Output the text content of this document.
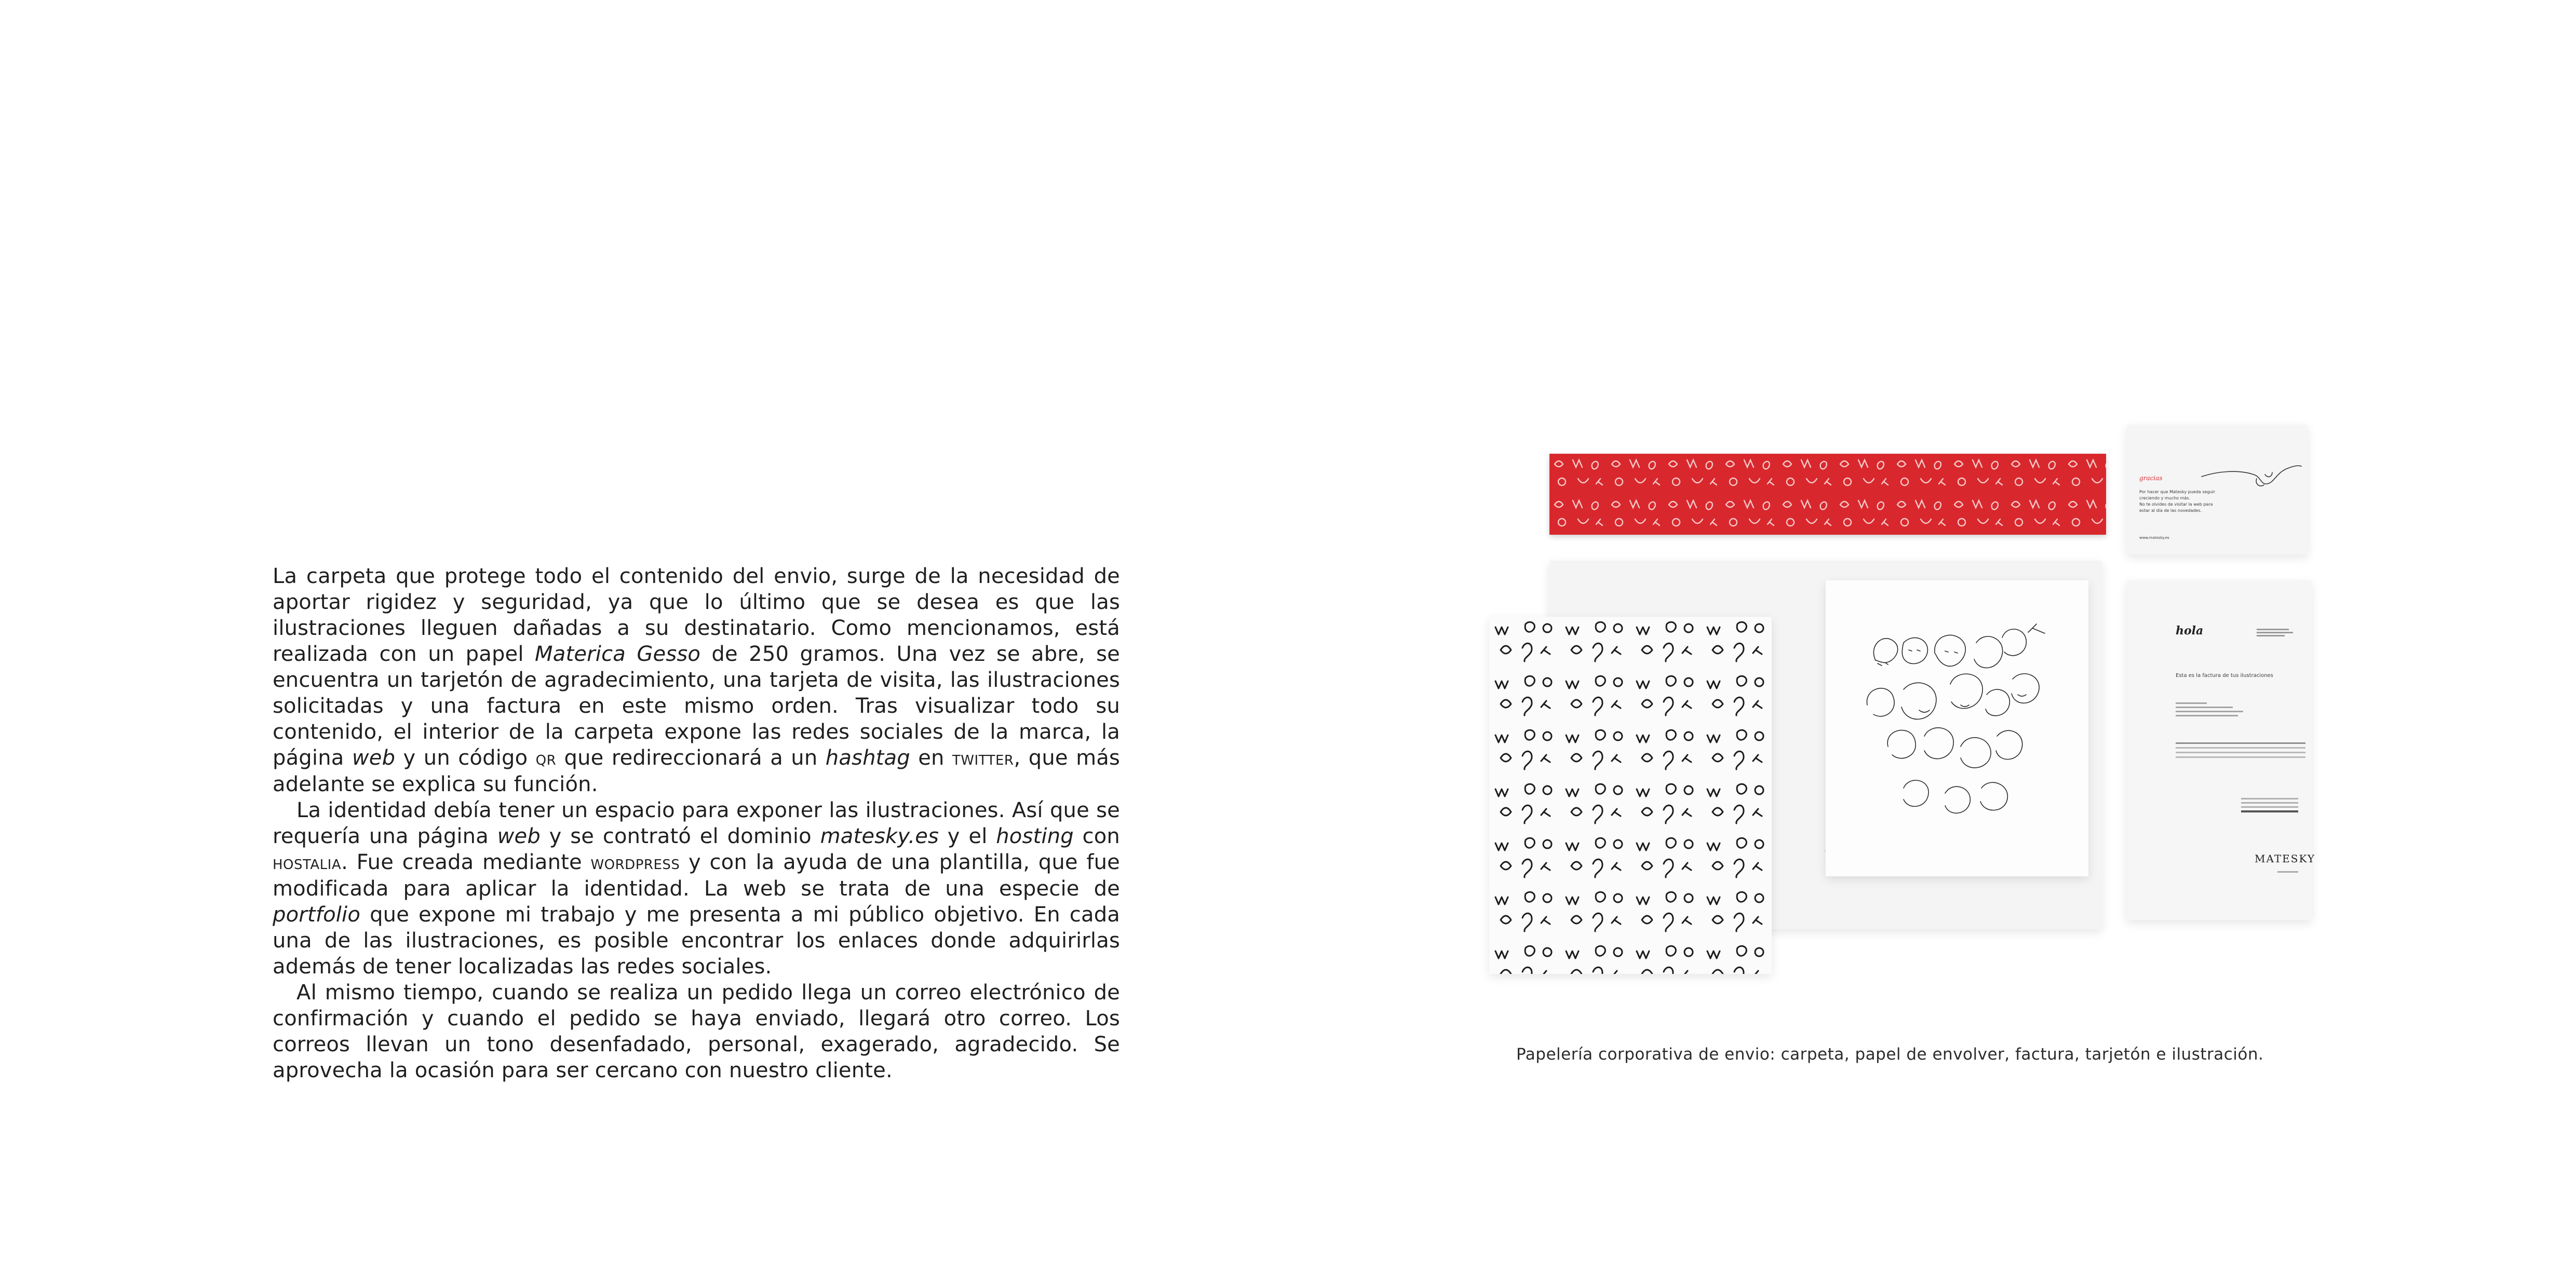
La carpeta que protege todo el contenido del envio, surge de la necesidad de aportar rigidez y seguridad, ya que lo último que se desea es que las ilustraciones lleguen dañadas a su destinatario. Como mencionamos, está realizada con un papel Materica Gesso de 250 gramos. Una vez se abre, se encuentra un tarjetón de agradecimiento, una tarjeta de visita, las ilustraciones solicitadas y una factura en este mismo orden. Tras visualizar todo su contenido, el interior de la carpeta expone las redes sociales de la marca, la página web y un código qr que redireccionará a un hashtag en twitter, que más adelante se explica su función.

La identidad debía tener un espacio para exponer las ilustraciones. Así que se requería una página web y se contrató el dominio matesky.es y el hosting con hostalia. Fue creada mediante wordpress y con la ayuda de una plantilla, que fue modificada para aplicar la identidad. La web se trata de una especie de portfolio que expone mi trabajo y me presenta a mi público objetivo. En cada una de las ilustraciones, es posible encontrar los enlaces donde adquirirlas además de tener localizadas las redes sociales.

Al mismo tiempo, cuando se realiza un pedido llega un correo electrónico de confirmación y cuando el pedido se haya enviado, llegará otro correo. Los correos llevan un tono desenfadado, personal, exagerado, agradecido. Se aprovecha la ocasión para ser cercano con nuestro cliente.

gracias
Por hacer que Matesky pueda seguir
creciendo y mucho más.
No te olvides de visitar la web para
estar al día de las novedades.
www.matesky.es
hola
Esta es la factura de tus ilustraciones
MATESKY
Papelería corporativa de envio: carpeta, papel de envolver, factura, tarjetón e ilustración.
